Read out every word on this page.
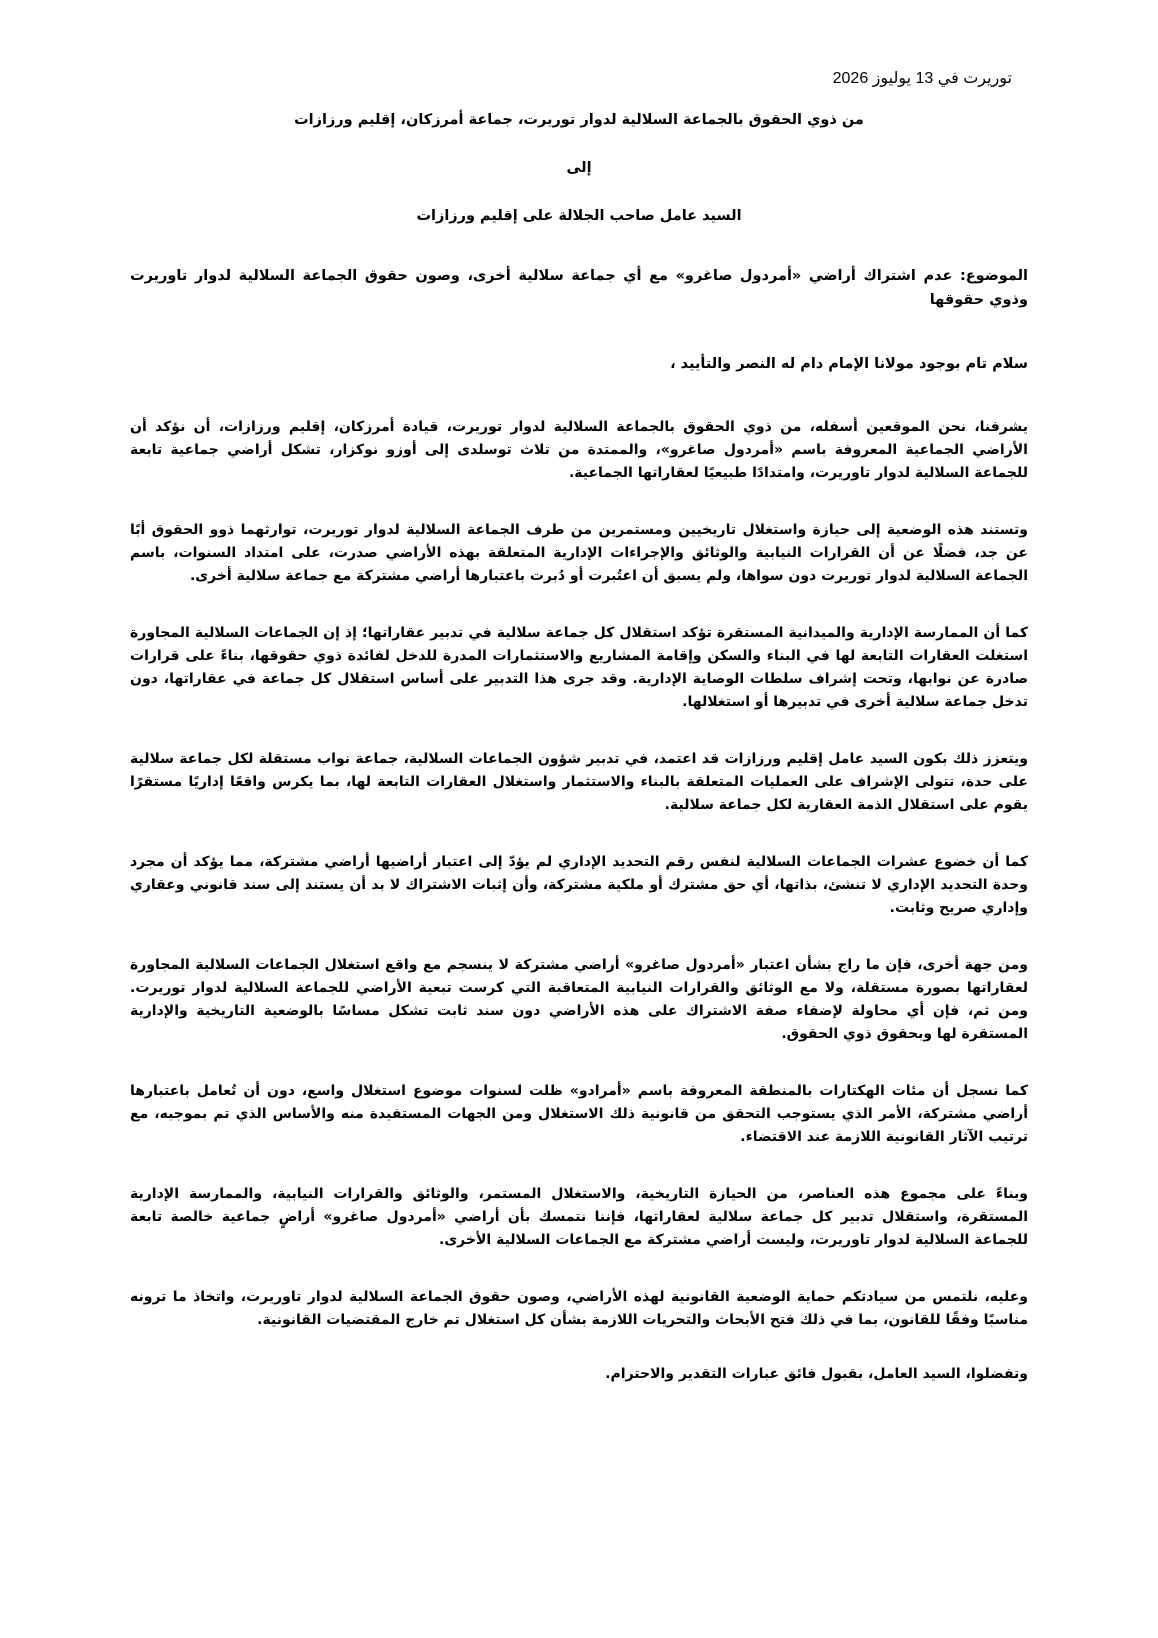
توريرت في 13 يوليوز 2026

من ذوي الحقوق بالجماعة السلالية لدوار توريرت، جماعة أمرزكان، إقليم ورزازات

إلى

السيد عامل صاحب الجلالة على إقليم ورزازات

الموضوع: عدم اشتراك أراضي «أمردول صاغرو» مع أي جماعة سلالية أخرى، وصون حقوق الجماعة السلالية لدوار تاوريرت وذوي حقوقها
سلام تام بوجود مولانا الإمام دام له النصر والتأييد ،

يشرفنا، نحن الموقعين أسفله، من ذوي الحقوق بالجماعة السلالية لدوار توريرت، قيادة أمرزكان، إقليم ورزازات، أن نؤكد أن الأراضي الجماعية المعروفة باسم «أمردول صاغرو»، والممتدة من تلاث توسلدى إلى أوزو نوكزار، تشكل أراضي جماعية تابعة للجماعة السلالية لدوار تاوريرت، وامتدادًا طبيعيًا لعقاراتها الجماعية.

وتستند هذه الوضعية إلى حيازة واستغلال تاريخيين ومستمرين من طرف الجماعة السلالية لدوار توريرت، توارثهما ذوو الحقوق أبًا عن جد، فضلًا عن أن القرارات النيابية والوثائق والإجراءات الإدارية المتعلقة بهذه الأراضي صدرت، على امتداد السنوات، باسم الجماعة السلالية لدوار توريرت دون سواها، ولم يسبق أن اعتُبرت أو دُبرت باعتبارها أراضي مشتركة مع جماعة سلالية أخرى.

كما أن الممارسة الإدارية والميدانية المستقرة تؤكد استقلال كل جماعة سلالية في تدبير عقاراتها؛ إذ إن الجماعات السلالية المجاورة استغلت العقارات التابعة لها في البناء والسكن وإقامة المشاريع والاستثمارات المدرة للدخل لفائدة ذوي حقوقها، بناءً على قرارات صادرة عن نوابها، وتحت إشراف سلطات الوصاية الإدارية. وقد جرى هذا التدبير على أساس استقلال كل جماعة في عقاراتها، دون تدخل جماعة سلالية أخرى في تدبيرها أو استغلالها.

ويتعزز ذلك بكون السيد عامل إقليم ورزازات قد اعتمد، في تدبير شؤون الجماعات السلالية، جماعة نواب مستقلة لكل جماعة سلالية على حدة، تتولى الإشراف على العمليات المتعلقة بالبناء والاستثمار واستغلال العقارات التابعة لها، بما يكرس واقعًا إداريًا مستقرًا يقوم على استقلال الذمة العقارية لكل جماعة سلالية.

كما أن خضوع عشرات الجماعات السلالية لنفس رقم التحديد الإداري لم يؤدّ إلى اعتبار أراضيها أراضي مشتركة، مما يؤكد أن مجرد وحدة التحديد الإداري لا تنشئ، بذاتها، أي حق مشترك أو ملكية مشتركة، وأن إثبات الاشتراك لا بد أن يستند إلى سند قانوني وعقاري وإداري صريح وثابت.

ومن جهة أخرى، فإن ما راج بشأن اعتبار «أمردول صاغرو» أراضي مشتركة لا ينسجم مع واقع استغلال الجماعات السلالية المجاورة لعقاراتها بصورة مستقلة، ولا مع الوثائق والقرارات النيابية المتعاقبة التي كرست تبعية الأراضي للجماعة السلالية لدوار توريرت. ومن ثم، فإن أي محاولة لإضفاء صفة الاشتراك على هذه الأراضي دون سند ثابت تشكل مساسًا بالوضعية التاريخية والإدارية المستقرة لها وبحقوق ذوي الحقوق.

كما نسجل أن مئات الهكتارات بالمنطقة المعروفة باسم «أمرادو» ظلت لسنوات موضوع استغلال واسع، دون أن تُعامل باعتبارها أراضي مشتركة، الأمر الذي يستوجب التحقق من قانونية ذلك الاستغلال ومن الجهات المستفيدة منه والأساس الذي تم بموجبه، مع ترتيب الآثار القانونية اللازمة عند الاقتضاء.

وبناءً على مجموع هذه العناصر، من الحيازة التاريخية، والاستغلال المستمر، والوثائق والقرارات النيابية، والممارسة الإدارية المستقرة، واستقلال تدبير كل جماعة سلالية لعقاراتها، فإننا نتمسك بأن أراضي «أمردول صاغرو» أراضٍ جماعية خالصة تابعة للجماعة السلالية لدوار تاوريرت، وليست أراضي مشتركة مع الجماعات السلالية الأخرى.

وعليه، نلتمس من سيادتكم حماية الوضعية القانونية لهذه الأراضي، وصون حقوق الجماعة السلالية لدوار تاوريرت، واتخاذ ما ترونه مناسبًا وفقًا للقانون، بما في ذلك فتح الأبحاث والتحريات اللازمة بشأن كل استغلال تم خارج المقتضيات القانونية.

وتفضلوا، السيد العامل، بقبول فائق عبارات التقدير والاحترام.
